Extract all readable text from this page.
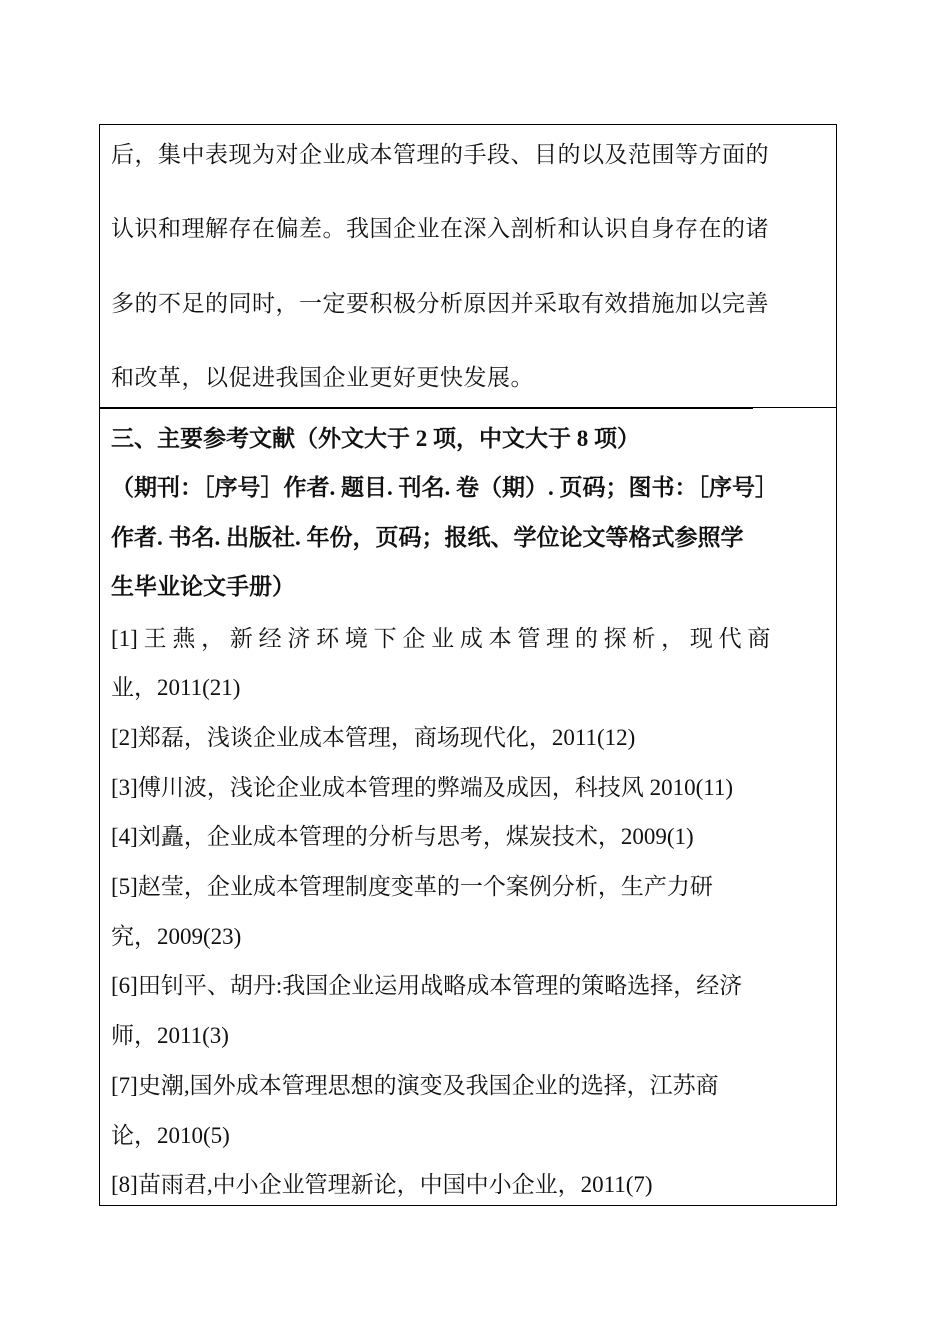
后，集中表现为对企业成本管理的手段、目的以及范围等方面的
认识和理解存在偏差。我国企业在深入剖析和认识自身存在的诸
多的不足的同时，一定要积极分析原因并采取有效措施加以完善
和改革，以促进我国企业更好更快发展。
三、主要参考文献（外文大于 2 项，中文大于 8 项）
（期刊：［序号］作者. 题目. 刊名. 卷（期）. 页码；图书：［序号］
作者. 书名. 出版社. 年份，页码；报纸、学位论文等格式参照学
生毕业论文手册）
[1] 王 燕 ， 新 经 济 环 境 下 企 业 成 本 管 理 的 探 析 ， 现 代 商
业，2011(21)
[2]郑磊，浅谈企业成本管理，商场现代化，2011(12)
[3]傅川波，浅论企业成本管理的弊端及成因，科技风 2010(11)
[4]刘矗，企业成本管理的分析与思考，煤炭技术，2009(1)
[5]赵莹，企业成本管理制度变革的一个案例分析，生产力研
究，2009(23)
[6]田钊平、胡丹:我国企业运用战略成本管理的策略选择，经济
师，2011(3)
[7]史潮,国外成本管理思想的演变及我国企业的选择，江苏商
论，2010(5)
[8]苗雨君,中小企业管理新论，中国中小企业，2011(7)
